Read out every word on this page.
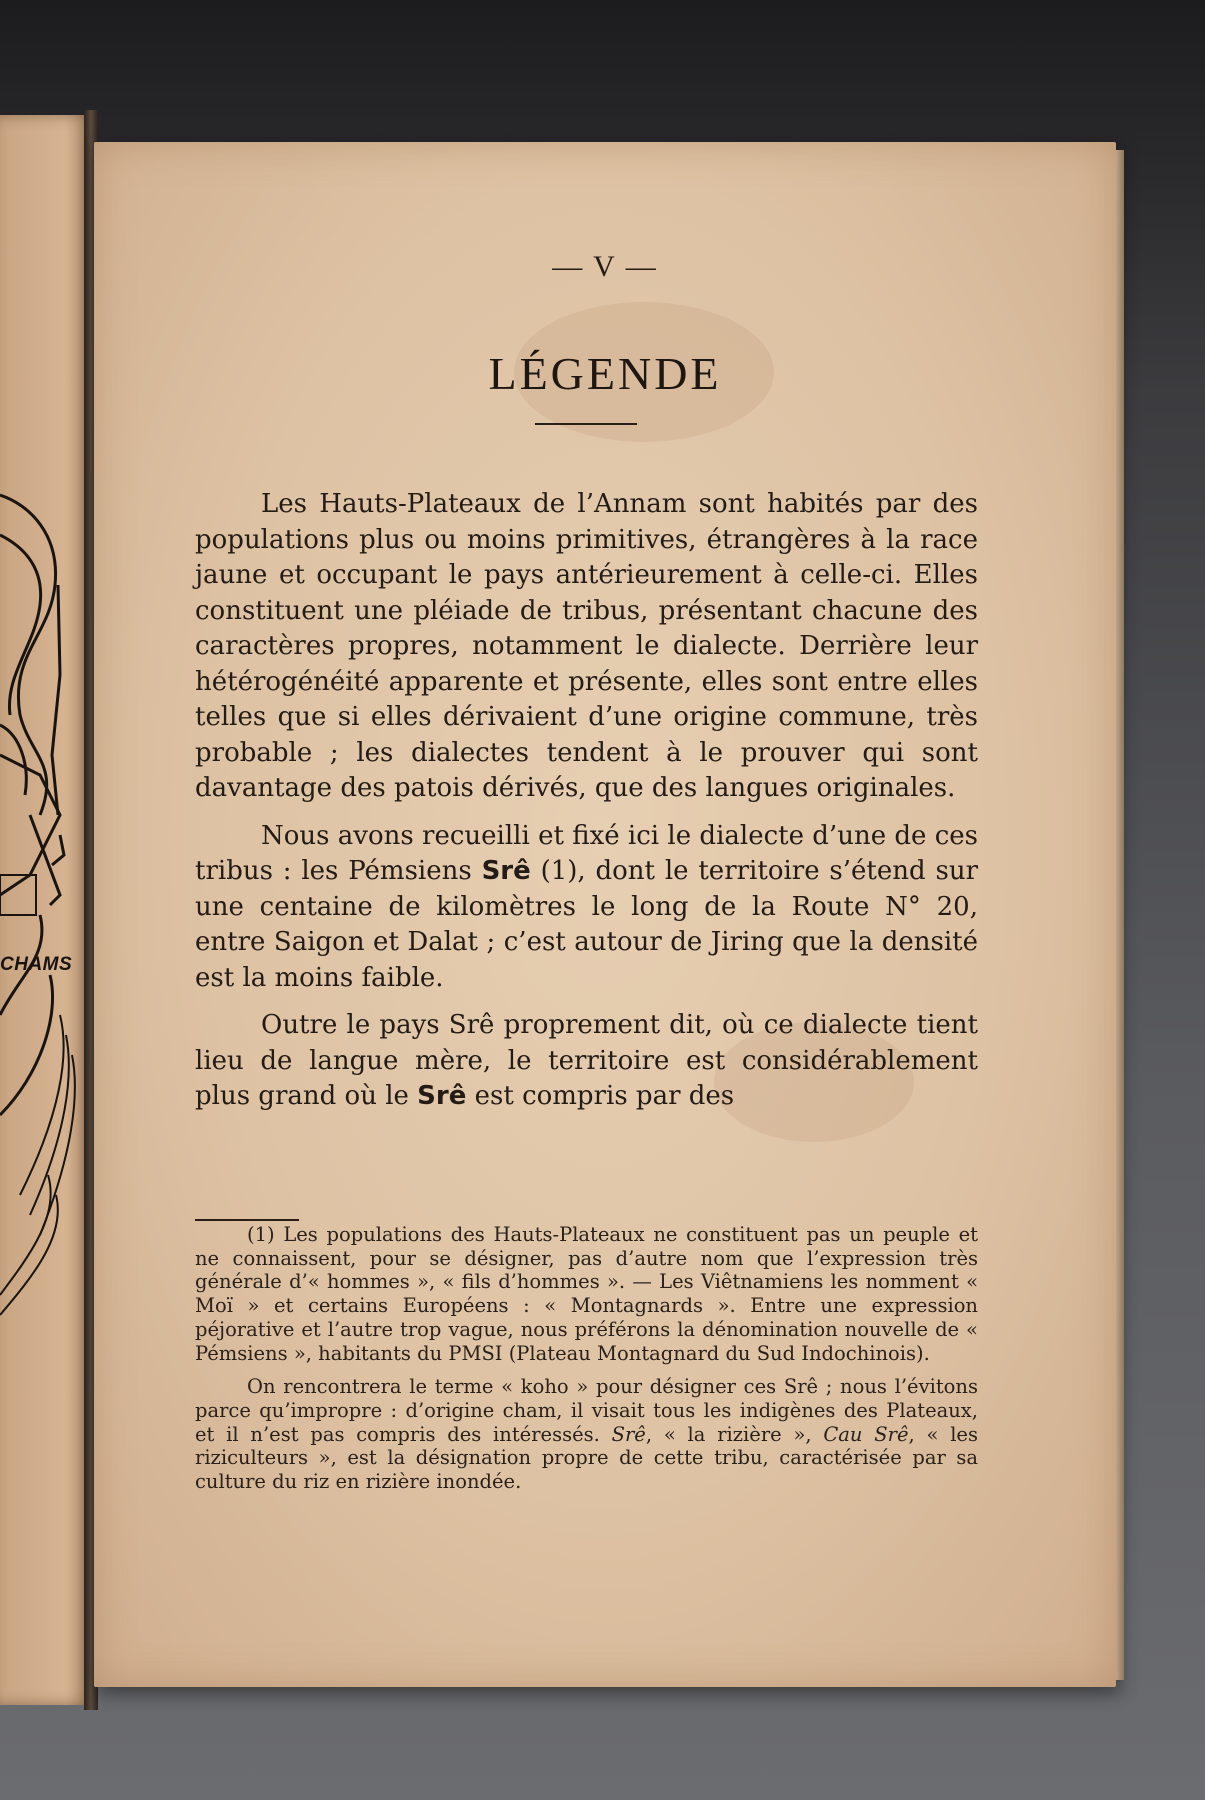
CHAMS
— V —
LÉGENDE

Les Hauts-Plateaux de l’Annam sont habités par des populations plus ou moins primitives, étrangères à la race jaune et occupant le pays antérieurement à celle-ci. Elles constituent une pléiade de tribus, présentant chacune des caractères propres, notamment le dialecte. Derrière leur hétérogénéité apparente et présente, elles sont entre elles telles que si elles dérivaient d’une origine commune, très probable ; les dialectes tendent à le prouver qui sont davantage des patois dérivés, que des langues originales.

Nous avons recueilli et fixé ici le dialecte d’une de ces tribus : les Pémsiens Srê (1), dont le territoire s’étend sur une centaine de kilomètres le long de la Route N° 20, entre Saigon et Dalat ; c’est autour de Jiring que la densité est la moins faible.

Outre le pays Srê proprement dit, où ce dialecte tient lieu de langue mère, le territoire est considérablement plus grand où le Srê est compris par des

(1) Les populations des Hauts-Plateaux ne constituent pas un peuple et ne connaissent, pour se désigner, pas d’autre nom que l’expression très générale d’« hommes », « fils d’hommes ». — Les Viêtnamiens les nomment « Moï » et certains Européens : « Montagnards ». Entre une expression péjorative et l’autre trop vague, nous préférons la dénomination nouvelle de « Pémsiens », habitants du PMSI (Plateau Montagnard du Sud Indochinois).

On rencontrera le terme « koho » pour désigner ces Srê ; nous l’évitons parce qu’impropre : d’origine cham, il visait tous les indigènes des Plateaux, et il n’est pas compris des intéressés. Srê, « la rizière », Cau Srê, « les riziculteurs », est la désignation propre de cette tribu, caractérisée par sa culture du riz en rizière inondée.
